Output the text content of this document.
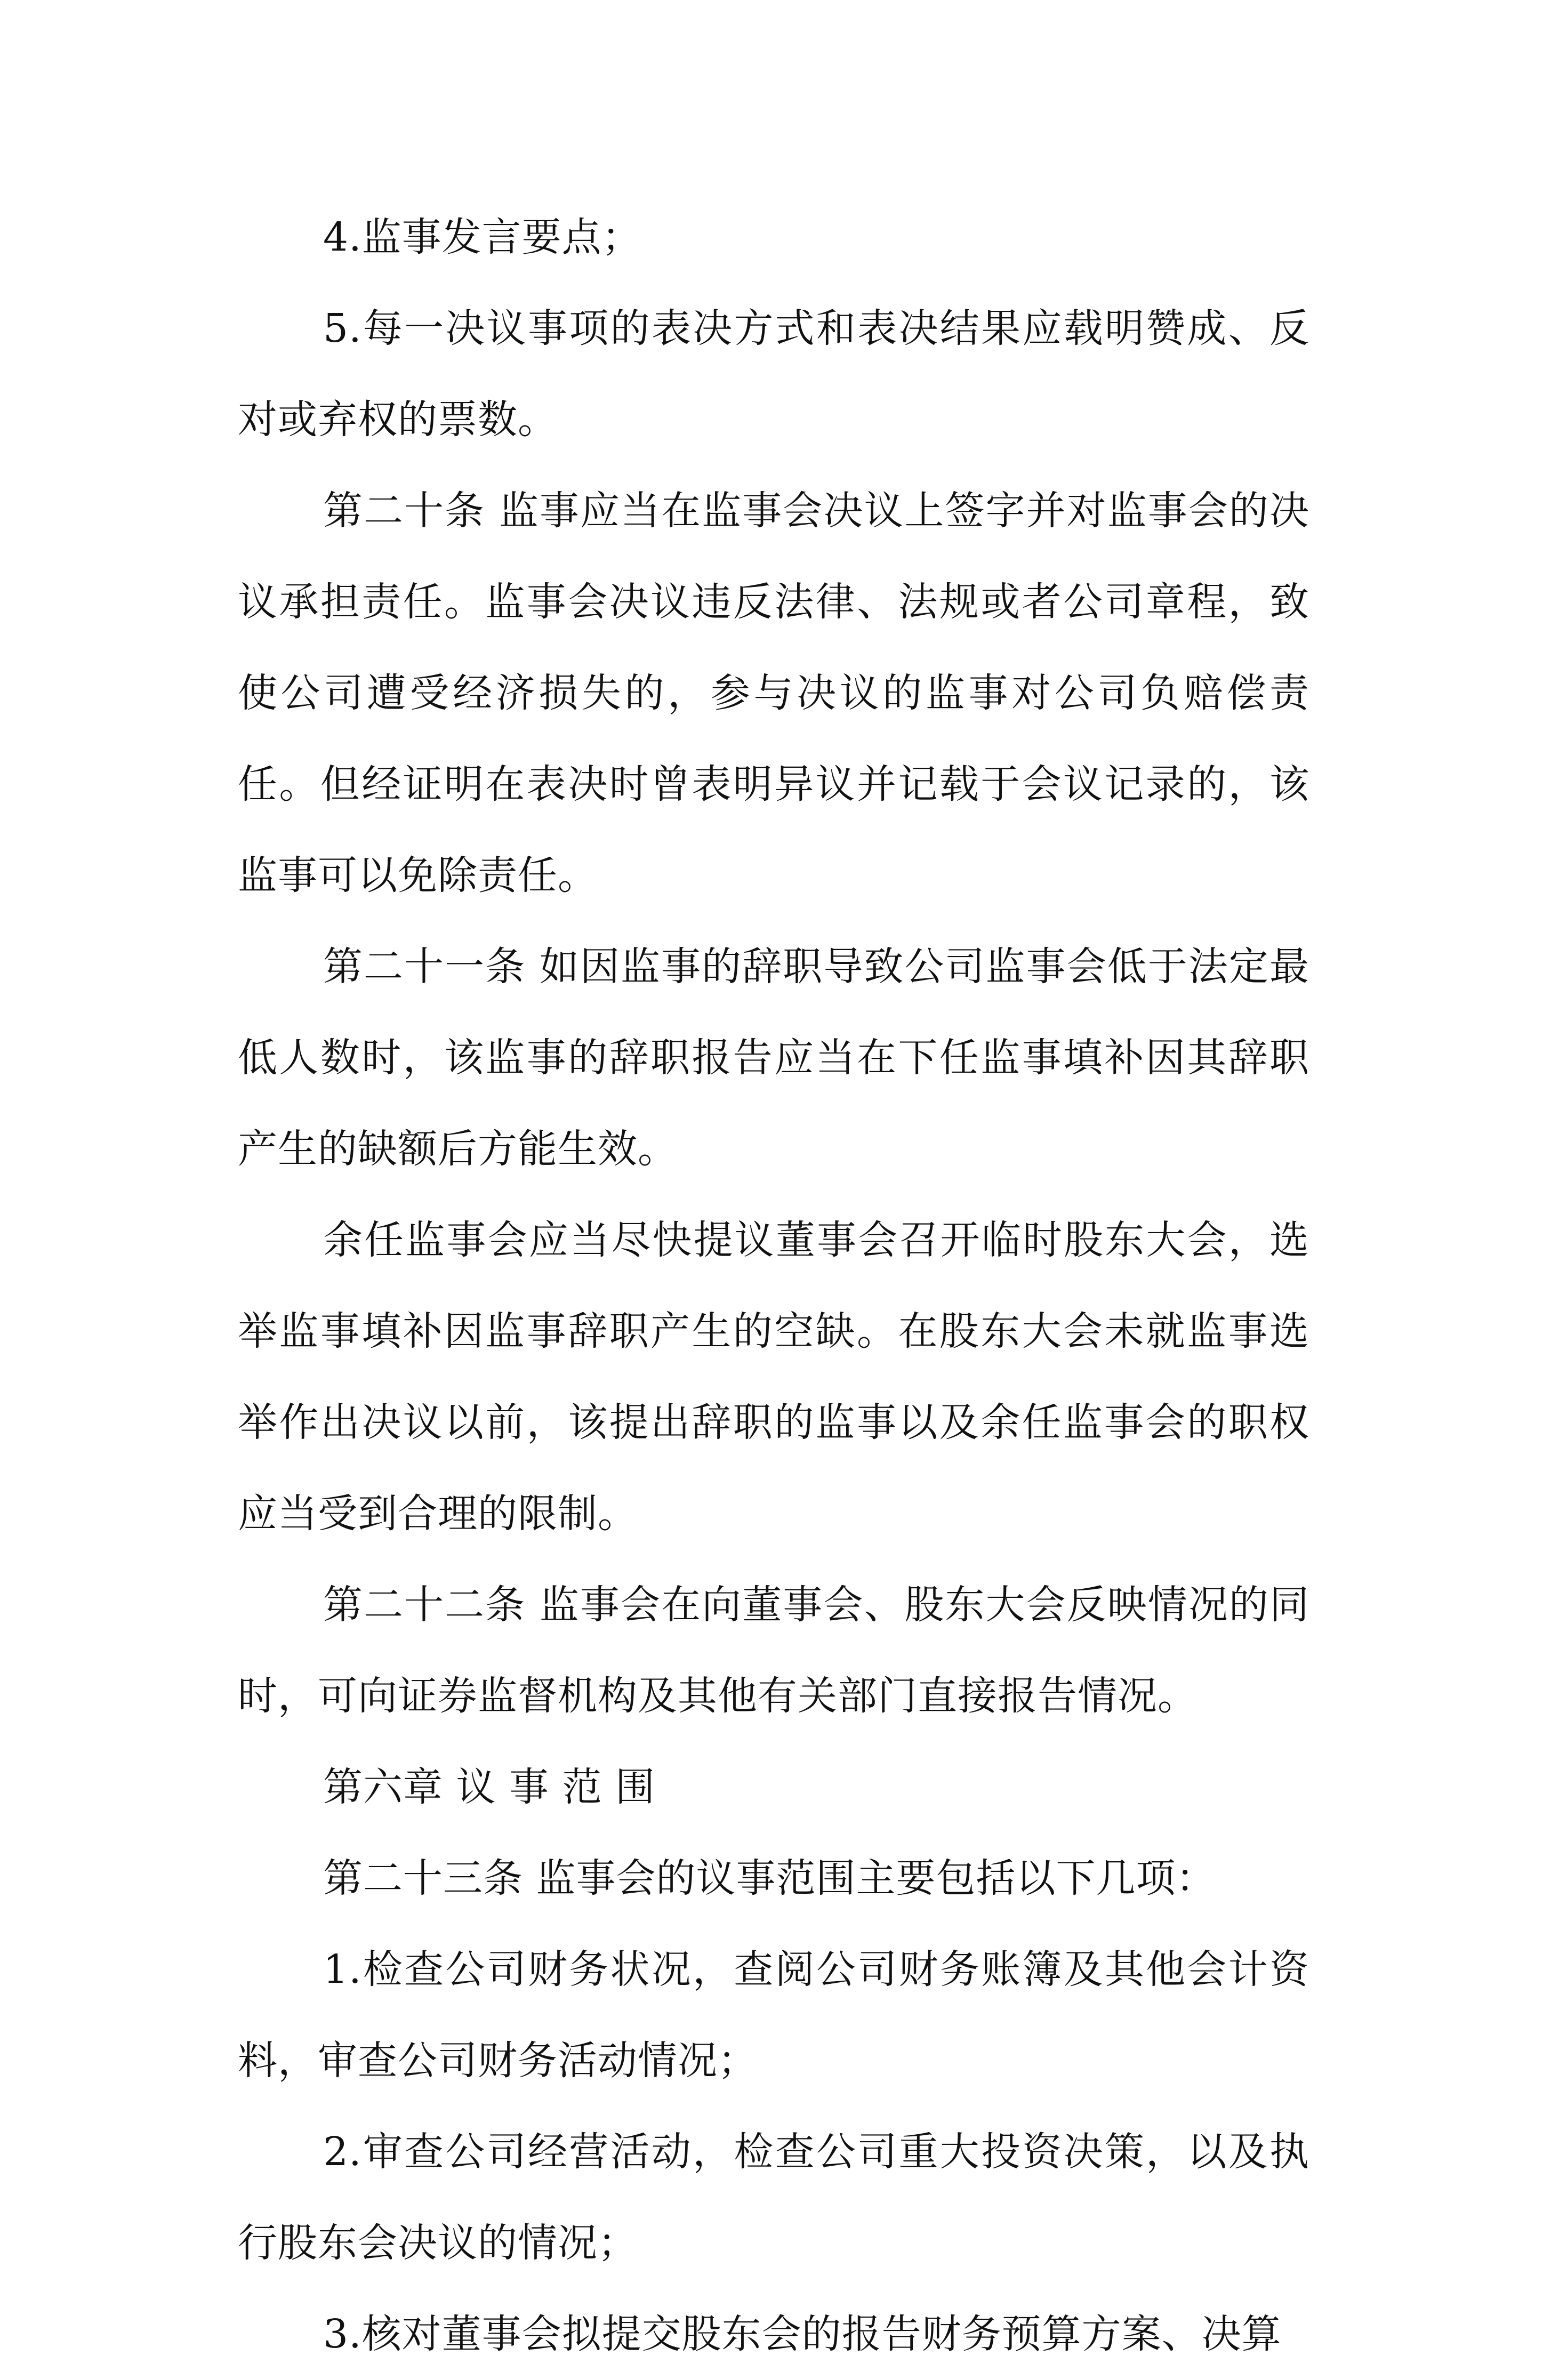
4.监事发言要点；

5.每一决议事项的表决方式和表决结果应载明赞成、反对或弃权的票数。

第二十条 监事应当在监事会决议上签字并对监事会的决议承担责任。监事会决议违反法律、法规或者公司章程，致使公司遭受经济损失的，参与决议的监事对公司负赔偿责任。但经证明在表决时曾表明异议并记载于会议记录的，该监事可以免除责任。

第二十一条 如因监事的辞职导致公司监事会低于法定最低人数时，该监事的辞职报告应当在下任监事填补因其辞职产生的缺额后方能生效。

余任监事会应当尽快提议董事会召开临时股东大会，选举监事填补因监事辞职产生的空缺。在股东大会未就监事选举作出决议以前，该提出辞职的监事以及余任监事会的职权应当受到合理的限制。

第二十二条 监事会在向董事会、股东大会反映情况的同时，可向证券监督机构及其他有关部门直接报告情况。

第六章 议 事 范 围

第二十三条 监事会的议事范围主要包括以下几项：

1.检查公司财务状况，查阅公司财务账簿及其他会计资料，审查公司财务活动情况；

2.审查公司经营活动，检查公司重大投资决策，以及执行股东会决议的情况；

3.核对董事会拟提交股东会的报告财务预算方案、决算
